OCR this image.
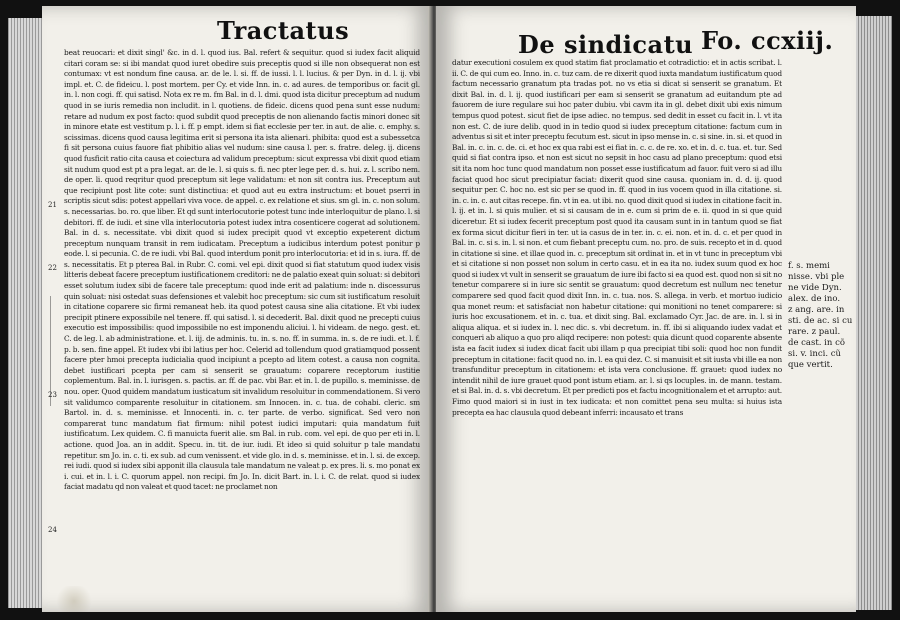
Tractatus
21
22
23
24

beat reuocari: et dixit singl' &c. in d. l. quod ius. Bal. refert & sequitur. quod si iudex facit aliquid citari coram se: si ibi mandat quod iuret obedire suis preceptis quod si ille non obsequerat non est contumax: vt est nondum fine causa. ar. de le. l. si. ff. de iussi. l. l. lucius. & per Dyn. in d. l. ij. vbi impl. et. C. de fideicu. l. post mortem. per Cy. et vide Inn. in. c. ad aures. de temporibus or. facit gl. in. l. non cogi. ff. qui satisd. Nota ex re m. fm Bal. in d. l. dmi. quod ista dicitur preceptum ad nudum quod in se iuris remedia non includit. in l. quotiens. de fideic. dicens quod pena sunt esse nudum: retare ad nudum ex post facto: quod subdit quod preceptis de non alienando factis minori donec sit in minore etate est vestitum p. l. i. ff. p empt. idem si fiat ecclesie per ter. in aut. de alie. c. emphy. s. scissimas. dicens quod causa legitima erit si persona ita ista alienari. phibita: quod est a subessetca fi sit persona cuius fauore fiat phibitio alias vel nudum: sine causa l. per. s. fratre. deleg. ij. dicens quod fusficit ratio cita causa et coiectura ad validum preceptum: sicut expressa vbi dixit quod etiam sit nudum quod est pt a pra legat. ar. de le. l. si quis s. fi. nec pter lege per. d. s. hui. z. l. scribo nem. de oper. li. quod reqritur quod preceptum sit lege validatum: et non sit contra ius. Preceptum aut que recipiunt post lite cote: sunt distinctiua: et quod aut eu extra instructum: et bouet pserri in scriptis sicut sdis: potest appellari viva voce. de appel. c. ex relatione et sius. sm gl. in. c. non solum. s. necessarias. bo. ro. que liber. Et qd sunt interlocutorie potest tunc inde interloquitur de plano. l. si debitori. ff. de iudi. et sine vlla interlocutoria potest iudex intra cosenticere cogerat ad solutionem. Bal. in d. s. necessitate. vbi dixit quod si iudex precipit quod vt exceptio expeterent dictum preceptum nunquam transit in rem iudicatam. Preceptum a iudicibus interdum potest ponitur p eode. l. si pecunia. C. de re iudi. vbi Bal. quod interdum ponit pro interlocutoria: et id in s. iura. ff. de s. necessitatis. Et p pterea Bal. in Rubr. C. comi. vel epi. dixit quod si fiat statutum quod iudex visis litteris debeat facere preceptum iustificationem creditori: ne de palatio exeat quin soluat: si debitori esset solutum iudex sibi de facere tale preceptum: quod inde erit ad palatium: inde n. discessurus quin soluat: nisi ostedat suas defensiones et valebit hoc preceptum: sic cum sit iustificatum resoluit in citatione coparere sic firmi remaneat heb. ita quod potest causa sine alia citatione. Et vbi iudex precipit ptinere expossibile nel tenere. ff. qui satisd. l. si decederit. Bal. dixit quod ne precepti cuius executio est impossibilis: quod impossibile no est imponendu aliciui. l. hi videam. de nego. gest. et. C. de leg. l. ab administratione. et. l. iij. de adminis. tu. in. s. no. ff. in summa. in. s. de re iudi. et. l. f. p. b. sen. fine appel. Et iudex vbi ibi latius per hoc. Celerid ad tollendum quod gratiamquod possent facere pter hmoi precepta iudicialia quod incipiunt a pcepto ad litem cotest. a causa non cognita. debet iustificari pcepta per cam si senserit se grauatum: coparere receptorum iustitie coplementum. Bal. in. l. iurisgen. s. pactis. ar. ff. de pac. vbi Bar. et in. l. de pupillo. s. meminisse. de nou. oper. Quod quidem mandatum iusticatum sit invalidum resoluitur in commendationem. Si vero sit validumco comparente resoluitur in citationem. sm Innocen. in. c. tua. de cohabi. cleric. sm Bartol. in. d. s. meminisse. et Innocenti. in. c. ter parte. de verbo. significat. Sed vero non comparerat tunc mandatum fiat firmum: nihil potest iudici imputari: quia mandatum fuit iustificatum. Lex quidem. C. fi manuicta fuerit alie. sm Bal. in rub. com. vel epi. de quo per eti in. l. actione. quod Joa. an in addit. Specu. in. tit. de iur. iudi. Et ideo si quid soluitur p tale mandatu repetitur. sm Jo. in. c. ti. ex sub. ad cum venissent. et vide glo. in d. s. meminisse. et in. l. si. de excep. rei iudi. quod si iudex sibi apponit illa clausula tale mandatum ne valeat p. ex pres. li. s. mo ponat ex i. cui. et in. l. i. C. quorum appel. non recipi. fm Jo. In. dicit Bart. in. l. i. C. de relat. quod si iudex faciat madatu qd non valeat et quod tacet: ne proclamet non

De sindicatu Fo. ccxiij.

datur executioni cosulem ex quod statim fiat proclamatio et cotradictio: et in actis scribat. l. ii. C. de qui cum eo. Inno. in. c. tuz cam. de re dixerit quod iuxta mandatum iustificatum quod factum necessario granatum pta tradas pot. no vs etia si dicat si senserit se granatum. Et dixit Bal. in. d. l. ij. quod iustificari per eam si senserit se granatum ad euitandum pte ad fauorem de iure regulare sui hoc pater dubiu. vbi cavm ita in gl. debet dixit ubi exis nimum tempus quod potest. sicut fiet de ipse adiec. no tempus. sed dedit in esset cu facit in. l. vt ita non est. C. de iure delib. quod in in tedio quod si iudex preceptum citatione: factum cum in adventus si sit et inter preceptu fecutum est. sicut in ipso mense in. c. si sine. in. si. et quod in Bal. in. c. in. c. de. ci. et hoc ex qua rabi est ei fiat in. c. c. de re. xo. et in. d. c. tua. et. tur. Sed quid si fiat contra ipso. et non est sicut no sepsit in hoc casu ad plano preceptum: quod etsi sit ita nom hoc tunc quod mandatum non posset esse iustificatum ad fauor. fuit vero si ad illu faciat quod hoc sicut precipiatur faciat: dixerit quod sine causa. quoniam in. d. d. ij. quod sequitur per. C. hoc no. est sic per se quod in. ff. quod in ius vocem quod in illa citatione. si. in. c. in. c. aut citas recepe. fin. vt in ea. ut ibi. no. quod dixit quod si iudex in citatione facit in. l. ij. et in. l. si quis mulier. et si si causam de in e. cum si prim de e. ii. quod in si que quid diceretur. Et si iudex fecerit preceptum post quod ita causam sunt in in tantum quod se fiat ex forma sicut dicitur fieri in ter. ut ia casus de in ter. in. c. ei. non. et in. d. c. et per quod in Bal. in. c. si s. in. l. si non. et cum fiebant preceptu cum. no. pro. de suis. recepto et in d. quod in citatione si sine. et illae quod in. c. preceptum sit ordinat in. et in vt tunc in preceptum vbi et si citatione si non posset non solum in certo casu. et in ea ita no. iudex suum quod ex hoc quod si iudex vt vult in senserit se grauatum de iure ibi facto si ea quod est. quod non si sit no tenetur comparere si in iure sic sentit se grauatum: quod decretum est nullum nec tenetur comparere sed quod facit quod dixit Inn. in. c. tua. nos. S. allega. in verb. et mortuo iudicio qua monet reum: et satisfaciat non habetur citatione: qui monitioni no tenet comparere: si iuris hoc excusationem. et in. c. tua. et dixit sing. Bal. exclamado Cyr. Jac. de are. in. l. si in aliqua aliqua. et si iudex in. l. nec dic. s. vbi decretum. in. ff. ibi si aliquando iudex vadat et conqueri ab aliquo a quo pro aliqd recipere: non potest: quia dicunt quod coparente absente ista ea facit iudex si iudex dicat facit ubi illam p qua precipiat tibi soli: quod hoc non fundit preceptum in citatione: facit quod no. in. l. ea qui dez. C. si manuisit et sit iusta vbi ille ea non transfunditur preceptum in citationem: et ista vera conclusione. ff. grauet: quod iudex no intendit nihil de iure grauet quod pont istum etiam. ar. l. si qs locuples. in. de mann. testam. et si Bal. in. d. s. vbi decretum. Et per predicti pos et factu incognitionalem et et arrupto: aut. Fimo quod maiori si in iust in tex iudicata: et non comittet pena seu multa: si huius ista precepta ea hac clausula quod debeant inferri: incausato et trans

f. s. memi
nisse. vbi ple
ne vide Dyn.
alex. de ino.
z ang. are. in
sti. de ac. si cu
rare. z paul.
de cast. in cõ
si. v. inci. cũ
que vertit.
